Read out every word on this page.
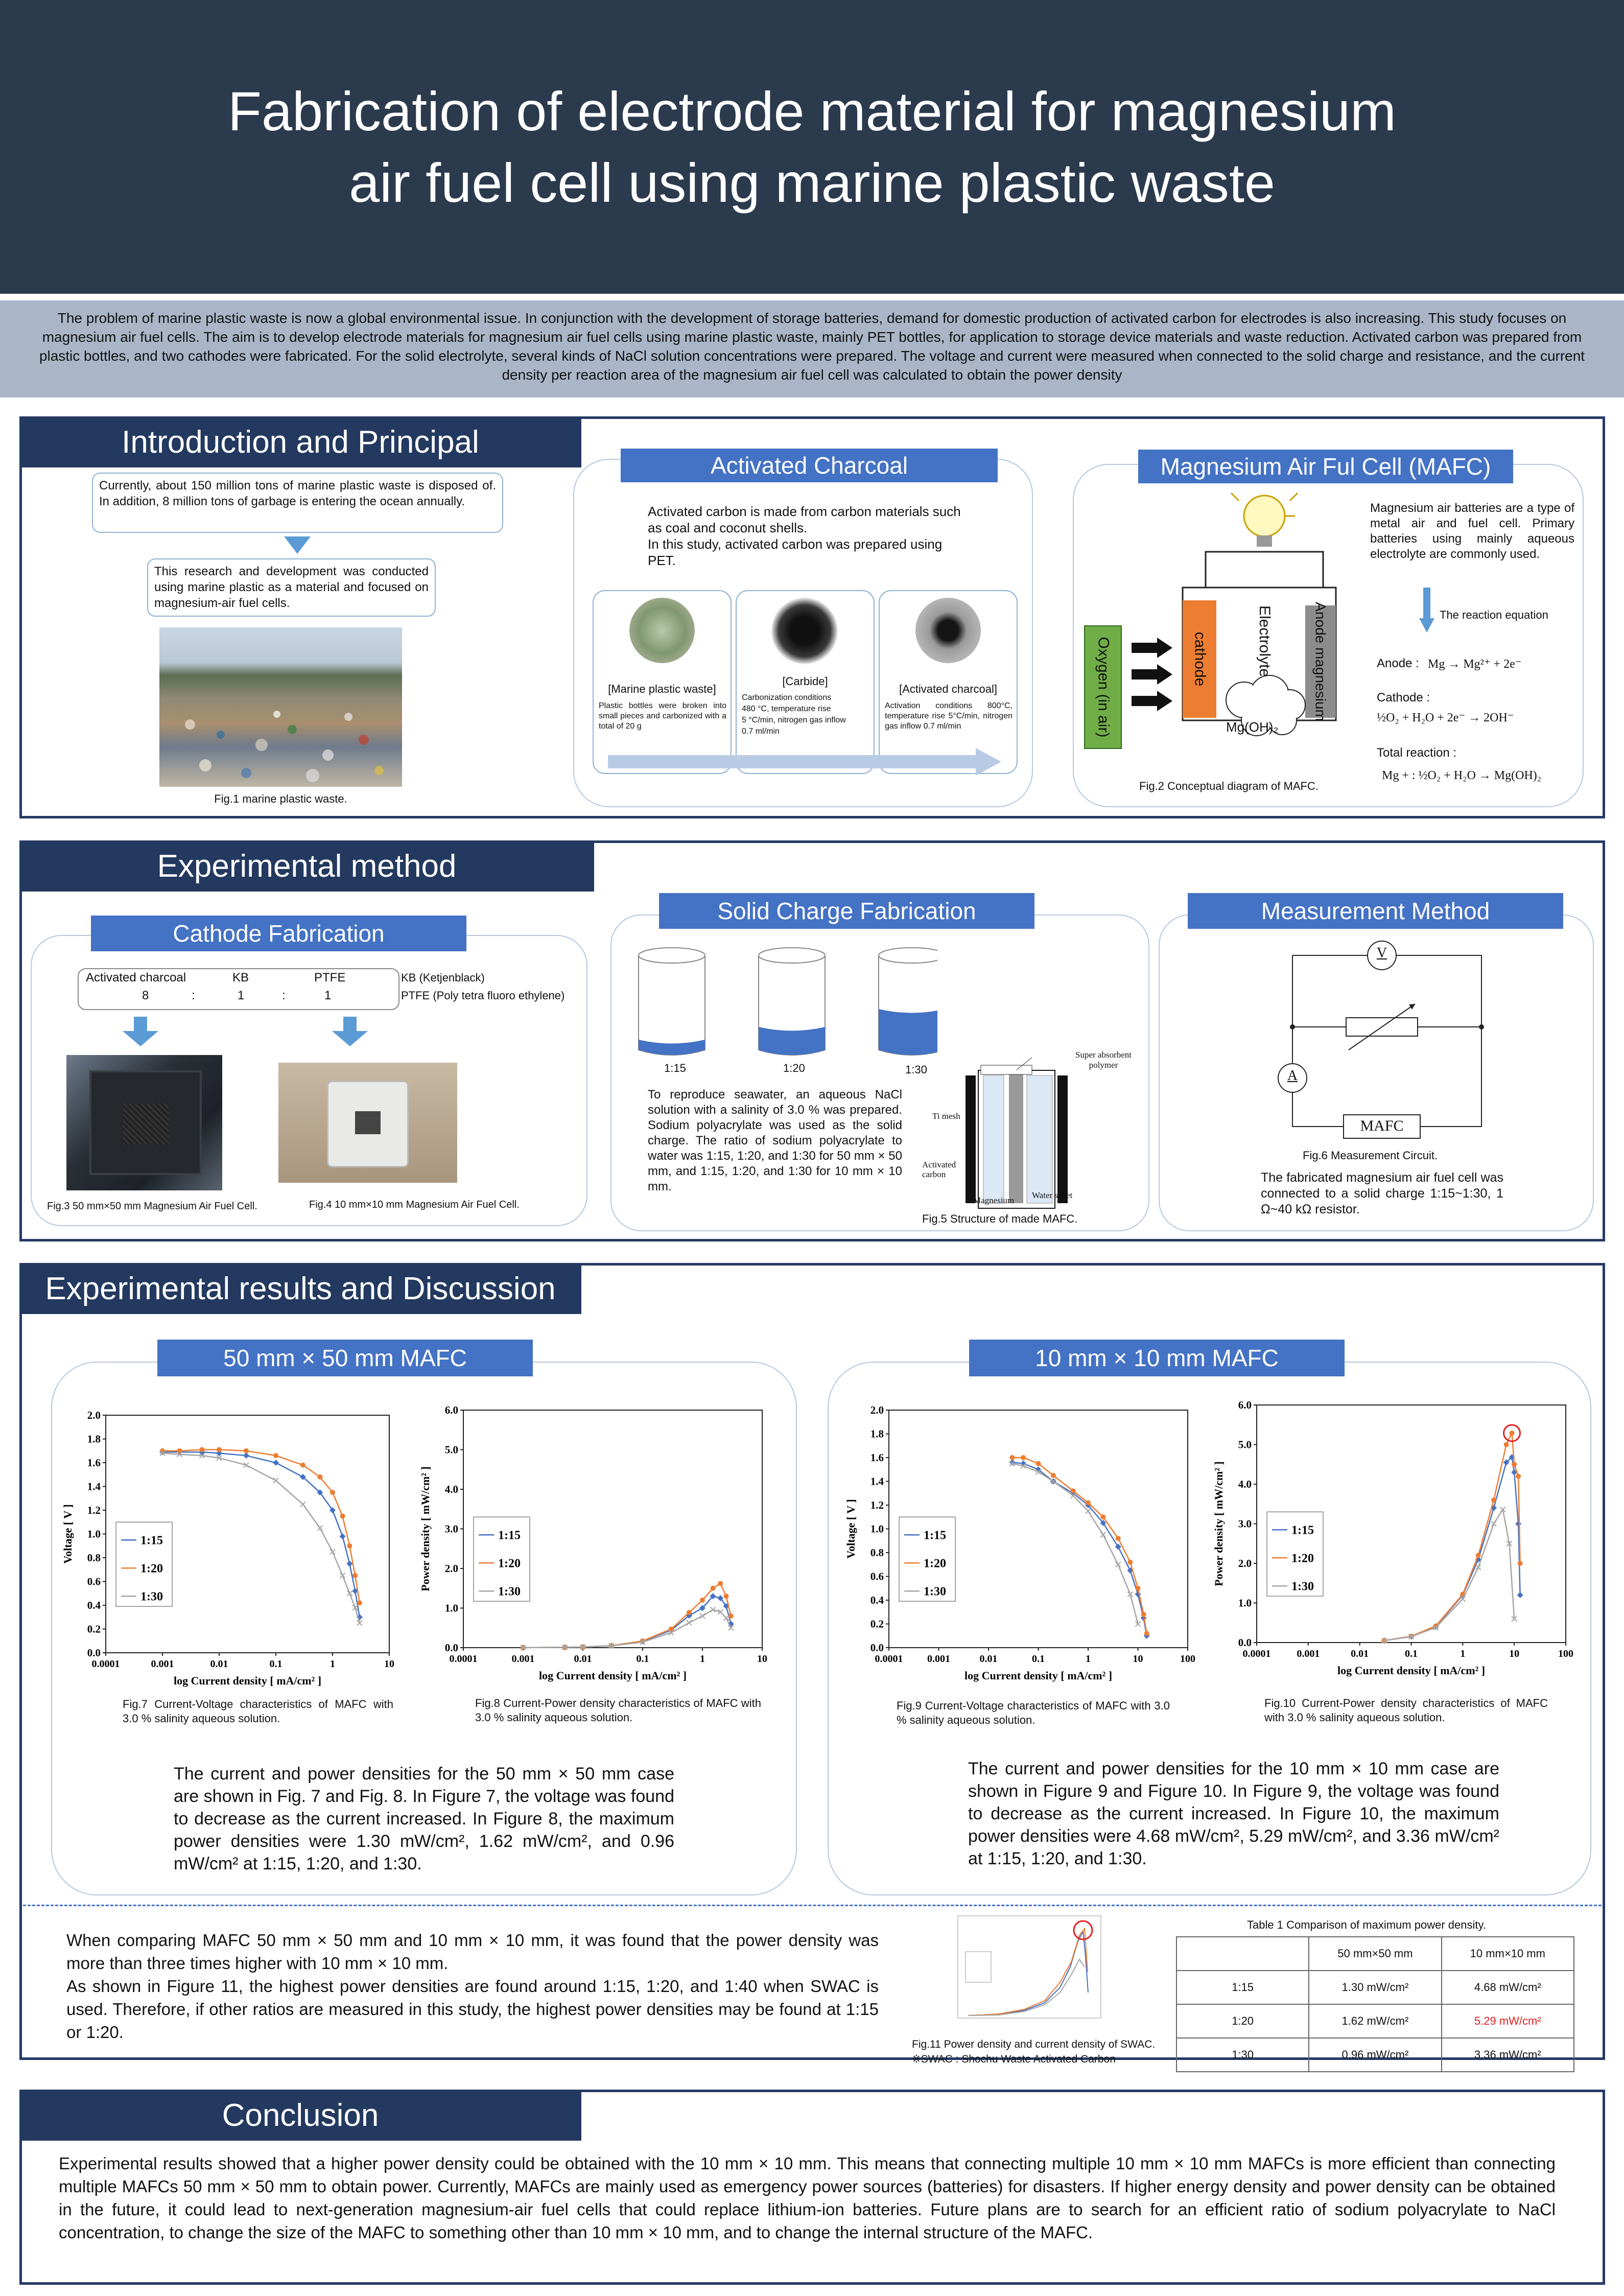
Fabrication of electrode material for magnesium air fuel cell using marine plastic waste
The problem of marine plastic waste is now a global environmental issue. In conjunction with the development of storage batteries, demand for domestic production of activated carbon for electrodes is also increasing. This study focuses on magnesium air fuel cells. The aim is to develop electrode materials for magnesium air fuel cells using marine plastic waste, mainly PET bottles, for application to storage device materials and waste reduction. Activated carbon was prepared from plastic bottles, and two cathodes were fabricated. For the solid electrolyte, several kinds of NaCl solution concentrations were prepared. The voltage and current were measured when connected to the solid charge and resistance, and the current density per reaction area of the magnesium air fuel cell was calculated to obtain the power density
Introduction and Principal
Currently, about 150 million tons of marine plastic waste is disposed of. In addition, 8 million tons of garbage is entering the ocean annually.
This research and development was conducted using marine plastic as a material and focused on magnesium-air fuel cells.
Fig.1 marine plastic waste.
Activated Charcoal
Activated carbon is made from carbon materials such as coal and coconut shells.
In this study, activated carbon was prepared using PET.
[Marine plastic waste]
Plastic bottles were broken into small pieces and carbonized with a total of 20 g
[Carbide]
Carbonization conditions
480 °C, temperature rise
5 °C/min, nitrogen gas inflow
0.7 ml/min
[Activated charcoal]
Activation conditions 800°C, temperature rise 5°C/min, nitrogen gas inflow 0.7 ml/min
Magnesium Air Ful Cell (MAFC)
Oxygen (in air)	cathode	Electrolyte	Anode magnesium
Mg(OH)₂
Fig.2 Conceptual diagram of MAFC.
Magnesium air batteries are a type of metal air and fuel cell. Primary batteries using mainly aqueous electrolyte are commonly used.
The reaction equation
Anode : Mg → Mg²⁺ + 2e⁻
Cathode :
½O₂ + H₂O + 2e⁻ → 2OH⁻
Total reaction :
Mg + : ½O₂ + H₂O → Mg(OH)₂
Experimental method
Cathode Fabrication
Activated charcoal	KB	PTFE
8	:	1	:	1
KB (Ketjenblack)
PTFE (Poly tetra fluoro ethylene)
Fig.3 50 mm×50 mm Magnesium Air Fuel Cell.	Fig.4 10 mm×10 mm Magnesium Air Fuel Cell.
Solid Charge Fabrication
1:15	1:20	1:30
To reproduce seawater, an aqueous NaCl solution with a salinity of 3.0 % was prepared. Sodium polyacrylate was used as the solid charge. The ratio of sodium polyacrylate to water was 1:15, 1:20, and 1:30 for 50 mm × 50 mm, and 1:15, 1:20, and 1:30 for 10 mm × 10 mm.
Super absorbent polymer
Ti mesh
Activated carbon
Magnesium
Water sheet
Fig.5 Structure of made MAFC.
Measurement Method
V
A
MAFC
Fig.6 Measurement Circuit.
The fabricated magnesium air fuel cell was connected to a solid charge 1:15~1:30, 1 Ω~40 kΩ resistor.
Experimental results and Discussion
50 mm × 50 mm MAFC	10 mm × 10 mm MAFC
0.0
0.2
0.4
0.6
0.8
1.0
1.2
1.4
1.6
1.8
2.0
0.0001	0.001	0.01	0.1	1	10
log Current density [ mA/cm² ]
Voltage [ V ]	1:15
1:20
1:30
0.0
1.0
2.0
3.0
4.0
5.0
6.0
0.0001	0.001	0.01	0.1	1	10
log Current density [ mA/cm² ]
Power density [ mW/cm² ]	1:15
1:20
1:30
0.0
0.2
0.4
0.6
0.8
1.0
1.2
1.4
1.6
1.8
2.0
0.0001 0.001	0.01	0.1	1	10	100
log Current density [ mA/cm² ]
Voltage [ V ]	1:15
1:20
1:30
0.0
1.0
2.0
3.0
4.0
5.0
6.0
0.0001	0.001	0.01	0.1	1	10	100
log Current density [ mA/cm² ]
Power density [ mW/cm² ]	1:15
1:20
1:30
Fig.7 Current-Voltage characteristics of MAFC with 3.0 % salinity aqueous solution.
Fig.8 Current-Power density characteristics of MAFC with 3.0 % salinity aqueous solution.
Fig.9 Current-Voltage characteristics of MAFC with 3.0 % salinity aqueous solution.
Fig.10 Current-Power density characteristics of MAFC with 3.0 % salinity aqueous solution.
The current and power densities for the 50 mm × 50 mm case are shown in Fig. 7 and Fig. 8. In Figure 7, the voltage was found to decrease as the current increased. In Figure 8, the maximum power densities were 1.30 mW/cm², 1.62 mW/cm², and 0.96 mW/cm² at 1:15, 1:20, and 1:30.
The current and power densities for the 10 mm × 10 mm case are shown in Figure 9 and Figure 10. In Figure 9, the voltage was found to decrease as the current increased. In Figure 10, the maximum power densities were 4.68 mW/cm², 5.29 mW/cm², and 3.36 mW/cm² at 1:15, 1:20, and 1:30.
When comparing MAFC 50 mm × 50 mm and 10 mm × 10 mm, it was found that the power density was more than three times higher with 10 mm × 10 mm.
As shown in Figure 11, the highest power densities are found around 1:15, 1:20, and 1:40 when SWAC is used. Therefore, if other ratios are measured in this study, the highest power densities may be found at 1:15 or 1:20.
Fig.11 Power density and current density of SWAC.
※SWAC : Shochu Waste Activated Carbon
Table 1 Comparison of maximum power density.
	50 mm×50 mm	10 mm×10 mm
1:15	1.30 mW/cm²	4.68 mW/cm²
1:20	1.62 mW/cm²	5.29 mW/cm²
1:30	0.96 mW/cm²	3.36 mW/cm²
Conclusion
Experimental results showed that a higher power density could be obtained with the 10 mm × 10 mm. This means that connecting multiple 10 mm × 10 mm MAFCs is more efficient than connecting multiple MAFCs 50 mm × 50 mm to obtain power. Currently, MAFCs are mainly used as emergency power sources (batteries) for disasters. If higher energy density and power density can be obtained in the future, it could lead to next-generation magnesium-air fuel cells that could replace lithium-ion batteries. Future plans are to search for an efficient ratio of sodium polyacrylate to NaCl concentration, to change the size of the MAFC to something other than 10 mm × 10 mm, and to change the internal structure of the MAFC.
